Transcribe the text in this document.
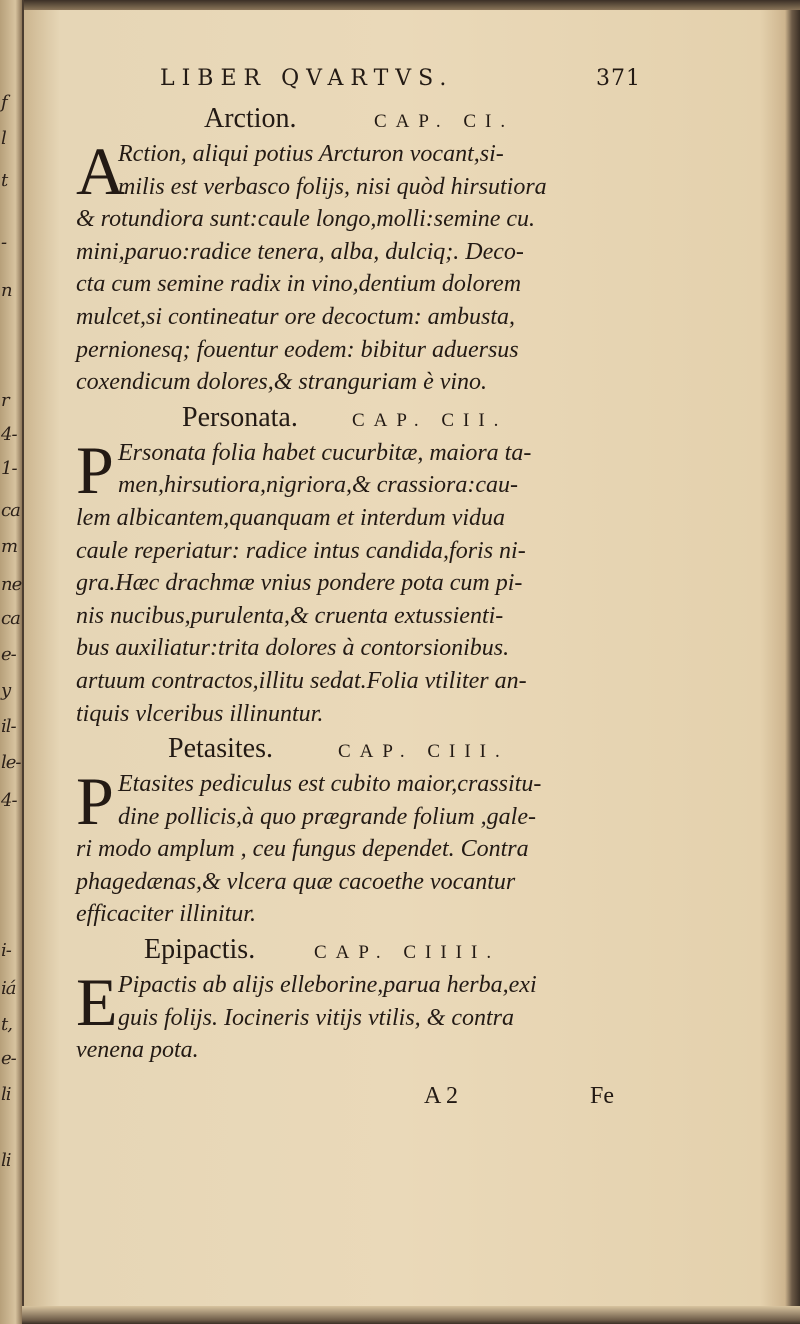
f
l
t
-
n
r
4-
1-
ca
m
ne
ca
e-
y
il-
le-
4-
i-
iá
t,
e-
li
li
LIBER QVARTVS.	371
Arction.	CAP. CI.
A
Rction, aliqui potius Arcturon vocant,si-
milis est verbasco folijs, nisi quòd hirsutiora
& rotundiora sunt:caule longo,molli:semine cu.
mini,paruo:radice tenera, alba, dulciq;. Deco-
cta cum semine radix in vino,dentium dolorem
mulcet,si contineatur ore decoctum: ambusta,
pernionesq; fouentur eodem: bibitur aduersus
coxendicum dolores,& stranguriam è vino.
Personata.	CAP. CII.
P Ersonata folia habet cucurbitæ, maiora ta-
men,hirsutiora,nigriora,& crassiora:cau-
lem albicantem,quanquam et interdum vidua
caule reperiatur: radice intus candida,foris ni-
gra.Hæc drachmæ vnius pondere pota cum pi-
nis nucibus,purulenta,& cruenta extussienti-
bus auxiliatur:trita dolores à contorsionibus.
artuum contractos,illitu sedat.Folia vtiliter an-
tiquis vlceribus illinuntur.
Petasites.	CAP. CIII.
P Etasites pediculus est cubito maior,crassitu-
dine pollicis,à quo prægrande folium ,gale-
ri modo amplum , ceu fungus dependet. Contra
phagedænas,& vlcera quæ cacoethe vocantur
efficaciter illinitur.
Epipactis.	CAP. CIIII.
E Pipactis ab alijs elleborine,parua herba,exi
guis folijs. Iocineris vitijs vtilis, & contra
venena pota.
A 2	Fe
